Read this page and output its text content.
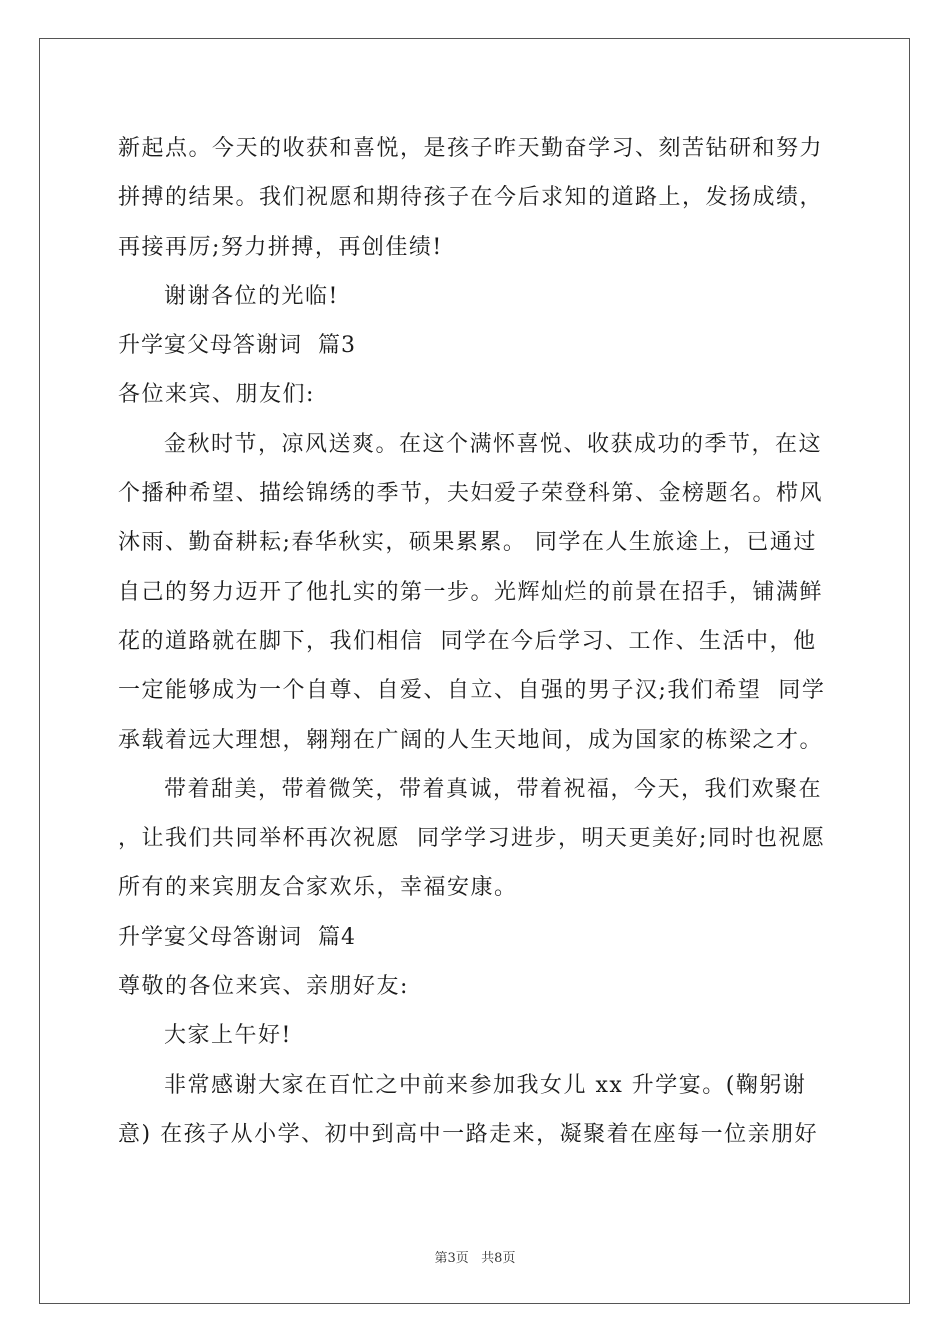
新起点。今天的收获和喜悦，是孩子昨天勤奋学习、刻苦钻研和努力
拼搏的结果。我们祝愿和期待孩子在今后求知的道路上，发扬成绩，
再接再厉;努力拼搏，再创佳绩!
谢谢各位的光临!
升学宴父母答谢词  篇3
各位来宾、朋友们:
金秋时节，凉风送爽。在这个满怀喜悦、收获成功的季节，在这
个播种希望、描绘锦绣的季节，夫妇爱子荣登科第、金榜题名。栉风
沐雨、勤奋耕耘;春华秋实，硕果累累。 同学在人生旅途上，已通过
自己的努力迈开了他扎实的第一步。光辉灿烂的前景在招手，铺满鲜
花的道路就在脚下，我们相信  同学在今后学习、工作、生活中，他
一定能够成为一个自尊、自爱、自立、自强的男子汉;我们希望  同学
承载着远大理想，翱翔在广阔的人生天地间，成为国家的栋梁之才。
带着甜美，带着微笑，带着真诚，带着祝福，今天，我们欢聚在
，让我们共同举杯再次祝愿  同学学习进步，明天更美好;同时也祝愿
所有的来宾朋友合家欢乐，幸福安康。
升学宴父母答谢词  篇4
尊敬的各位来宾、亲朋好友:
大家上午好!
非常感谢大家在百忙之中前来参加我女儿 xx 升学宴。(鞠躬谢
意) 在孩子从小学、初中到高中一路走来，凝聚着在座每一位亲朋好
第3页   共8页
